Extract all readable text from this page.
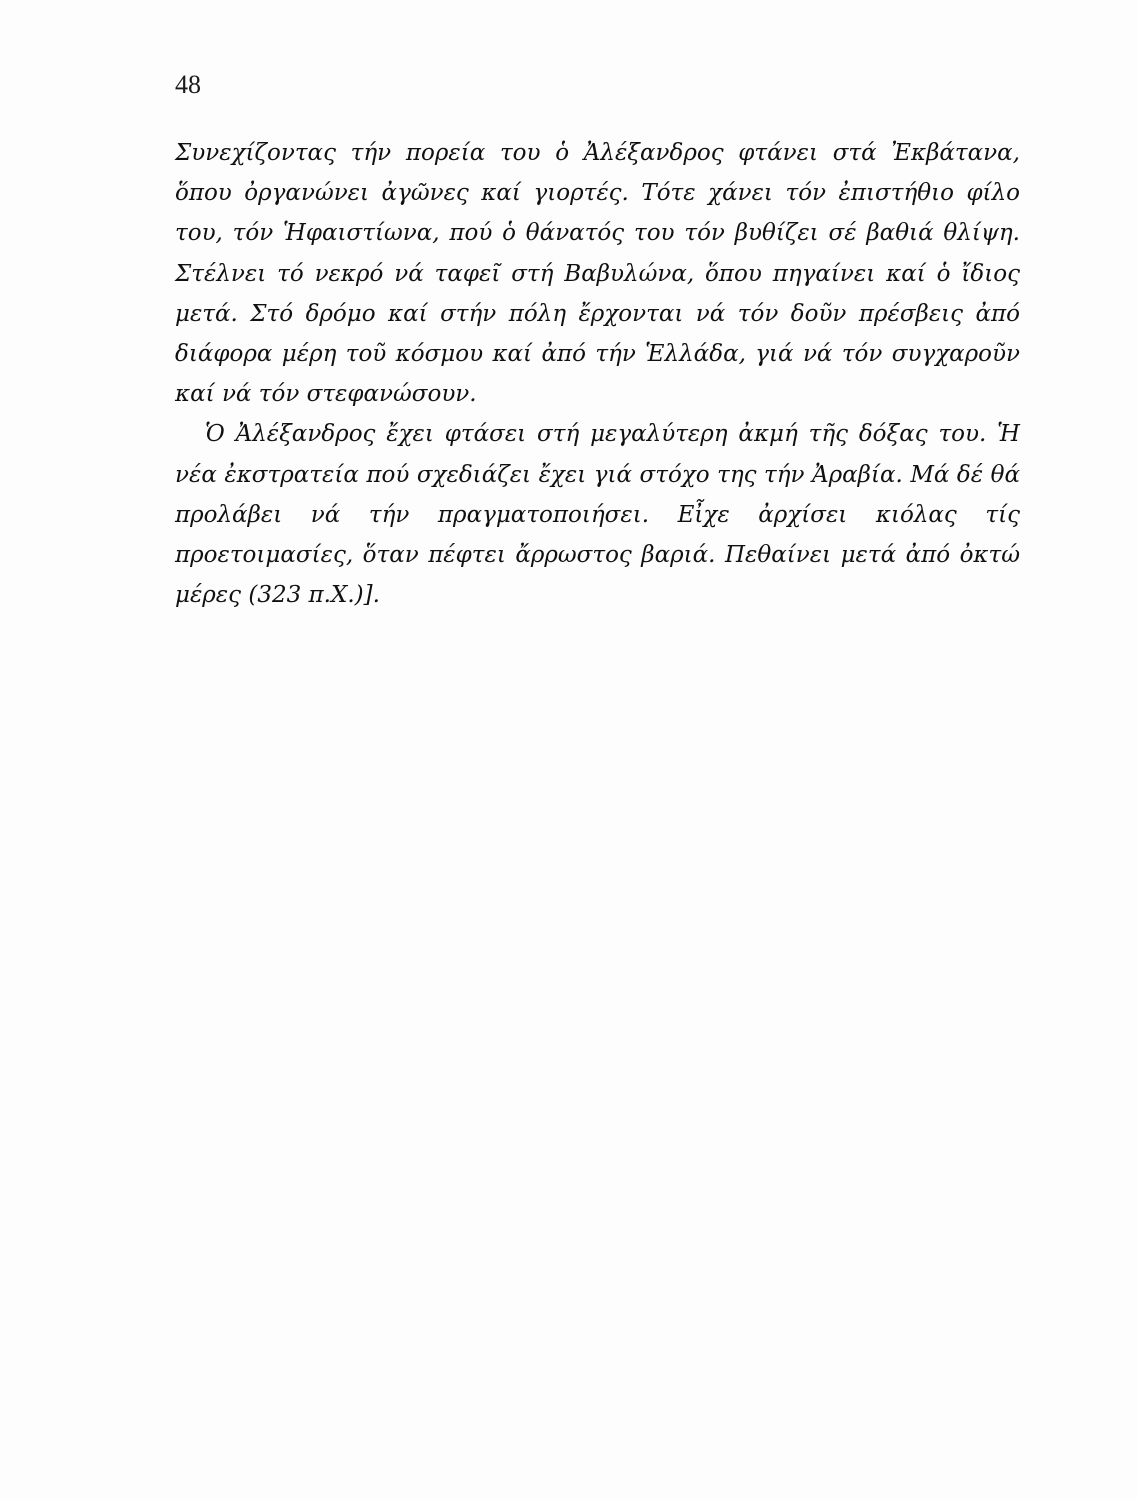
48

Συνεχίζοντας τήν πορεία του ὁ Ἀλέξανδρος φτάνει στά Ἐκβάτανα, ὅπου ὀργανώνει ἀγῶνες καί γιορτές. Τότε χάνει τόν ἐπιστήθιο φίλο του, τόν Ἡφαιστίωνα, πού ὁ θάνατός του τόν βυθίζει σέ βαθιά θλίψη. Στέλνει τό νεκρό νά ταφεῖ στή Βαβυλώνα, ὅπου πηγαίνει καί ὁ ἴδιος μετά. Στό δρόμο καί στήν πόλη ἔρχονται νά τόν δοῦν πρέσβεις ἀπό διάφορα μέρη τοῦ κόσμου καί ἀπό τήν Ἑλλάδα, γιά νά τόν συγχαροῦν καί νά τόν στεφανώσουν.

Ὁ Ἀλέξανδρος ἔχει φτάσει στή μεγαλύτερη ἀκμή τῆς δόξας του. Ἡ νέα ἐκστρατεία πού σχεδιάζει ἔχει γιά στόχο της τήν Ἀραβία. Μά δέ θά προλάβει νά τήν πραγματοποιήσει. Εἶχε ἀρχίσει κιόλας τίς προετοιμασίες, ὅταν πέφτει ἄρρωστος βαριά. Πεθαίνει μετά ἀπό ὀκτώ μέρες (323 π.Χ.)].
